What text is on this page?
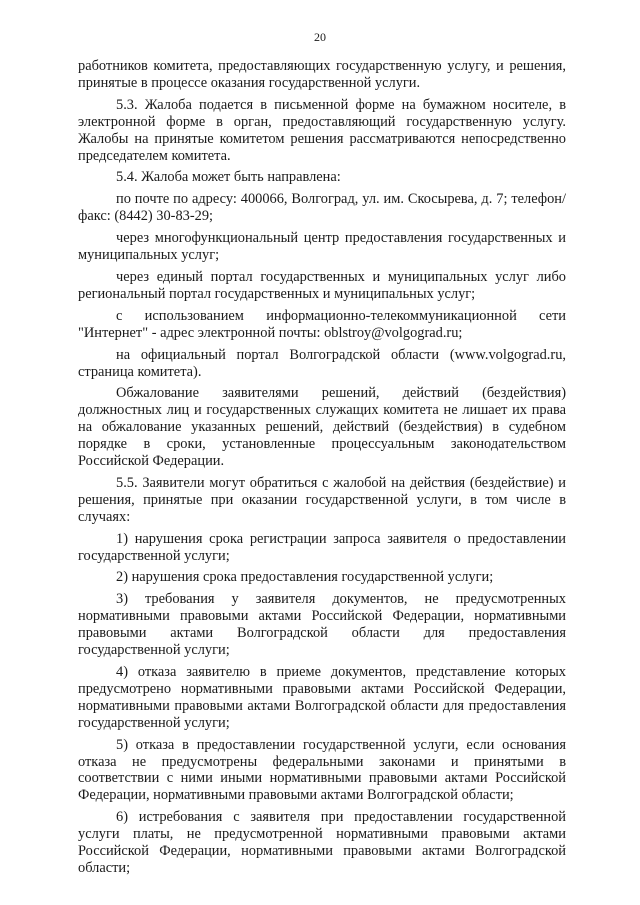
20

работников комитета, предоставляющих государственную услугу, и решения, принятые в процессе оказания государственной услуги.

5.3. Жалоба подается в письменной форме на бумажном носителе, в электронной форме в орган, предоставляющий государственную услугу. Жалобы на принятые комитетом решения рассматриваются непосредственно председателем комитета.

5.4. Жалоба может быть направлена:

по почте по адресу: 400066, Волгоград, ул. им. Скосырева, д. 7; телефон/факс: (8442) 30-83-29;

через многофункциональный центр предоставления государственных и муниципальных услуг;

через единый портал государственных и муниципальных услуг либо региональный портал государственных и муниципальных услуг;

с использованием информационно-телекоммуникационной сети "Интернет" - адрес электронной почты: oblstroy@volgograd.ru;

на официальный портал Волгоградской области (www.volgograd.ru, страница комитета).

Обжалование заявителями решений, действий (бездействия) должностных лиц и государственных служащих комитета не лишает их права на обжалование указанных решений, действий (бездействия) в судебном порядке в сроки, установленные процессуальным законодательством Российской Федерации.

5.5. Заявители могут обратиться с жалобой на действия (бездействие) и решения, принятые при оказании государственной услуги, в том числе в случаях:

1) нарушения срока регистрации запроса заявителя о предоставлении государственной услуги;

2) нарушения срока предоставления государственной услуги;

3) требования у заявителя документов, не предусмотренных нормативными правовыми актами Российской Федерации, нормативными правовыми актами Волгоградской области для предоставления государственной услуги;

4) отказа заявителю в приеме документов, представление которых предусмотрено нормативными правовыми актами Российской Федерации, нормативными правовыми актами Волгоградской области для предоставления государственной услуги;

5) отказа в предоставлении государственной услуги, если основания отказа не предусмотрены федеральными законами и принятыми в соответствии с ними иными нормативными правовыми актами Российской Федерации, нормативными правовыми актами Волгоградской области;

6) истребования с заявителя при предоставлении государственной услуги платы, не предусмотренной нормативными правовыми актами Российской Федерации, нормативными правовыми актами Волгоградской области;
